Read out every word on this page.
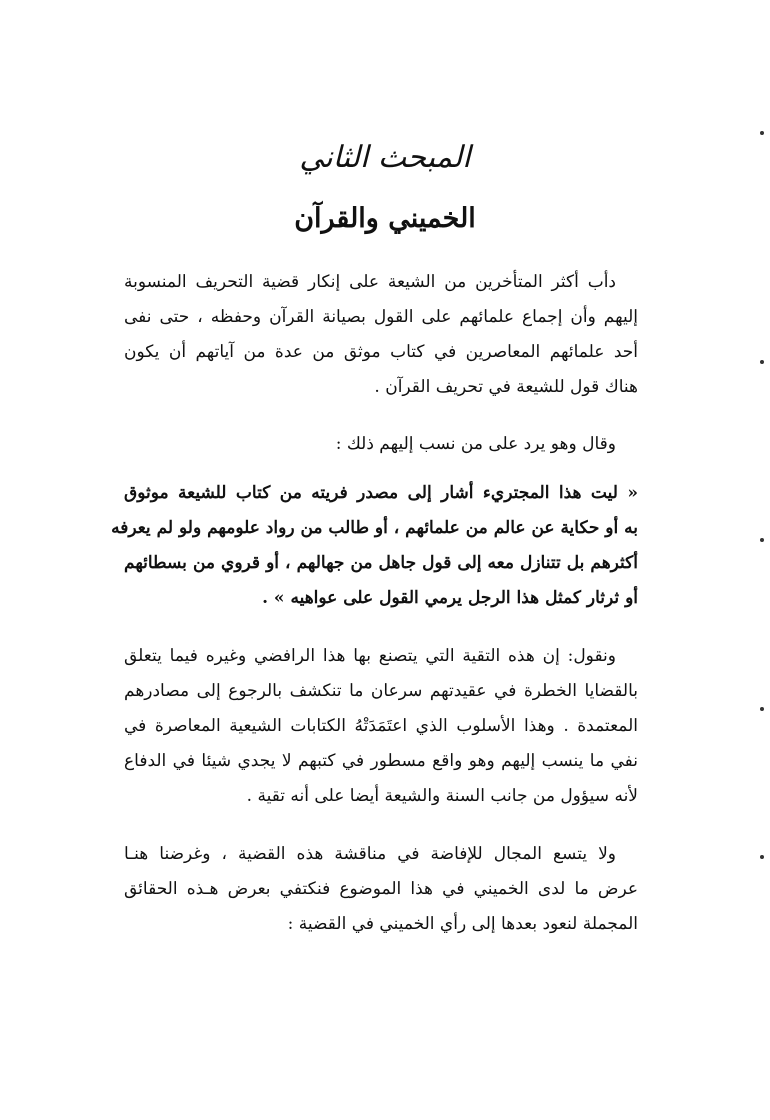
المبحث الثاني
الخميني والقرآن
دأب أكثر المتأخرين من الشيعة على إنكار قضية التحريف المنسوبة
إليهم وأن إجماع علمائهم على القول بصيانة القرآن وحفظه ، حتى نفى
أحد علمائهم المعاصرين في كتاب موثق من عدة من آياتهم أن يكون
هناك قول للشيعة في تحريف القرآن .
وقال وهو يرد على من نسب إليهم ذلك :
« ليت هذا المجتريء أشار إلى مصدر فريته من كتاب للشيعة موثوق
به أو حكاية عن عالم من علمائهم ، أو طالب من رواد علومهم ولو لم يعرفه
أكثرهم بل تتنازل معه إلى قول جاهل من جهالهم ، أو قروي من بسطائهم
أو ثرثار كمثل هذا الرجل يرمي القول على عواهيه » .
ونقول: إن هذه التقية التي يتصنع بها هذا الرافضي وغيره فيما يتعلق
بالقضايا الخطرة في عقيدتهم سرعان ما تنكشف بالرجوع إلى مصادرهم
المعتمدة . وهذا الأسلوب الذي اعتَمَدَتْهُ الكتابات الشيعية المعاصرة في
نفي ما ينسب إليهم وهو واقع مسطور في كتبهم لا يجدي شيئا في الدفاع
لأنه سيؤول من جانب السنة والشيعة أيضا على أنه تقية .
ولا يتسع المجال للإفاضة في مناقشة هذه القضية ، وغرضنا هنـا
عرض ما لدى الخميني في هذا الموضوع فنكتفي بعرض هـذه الحقائق
المجملة لنعود بعدها إلى رأي الخميني في القضية :
